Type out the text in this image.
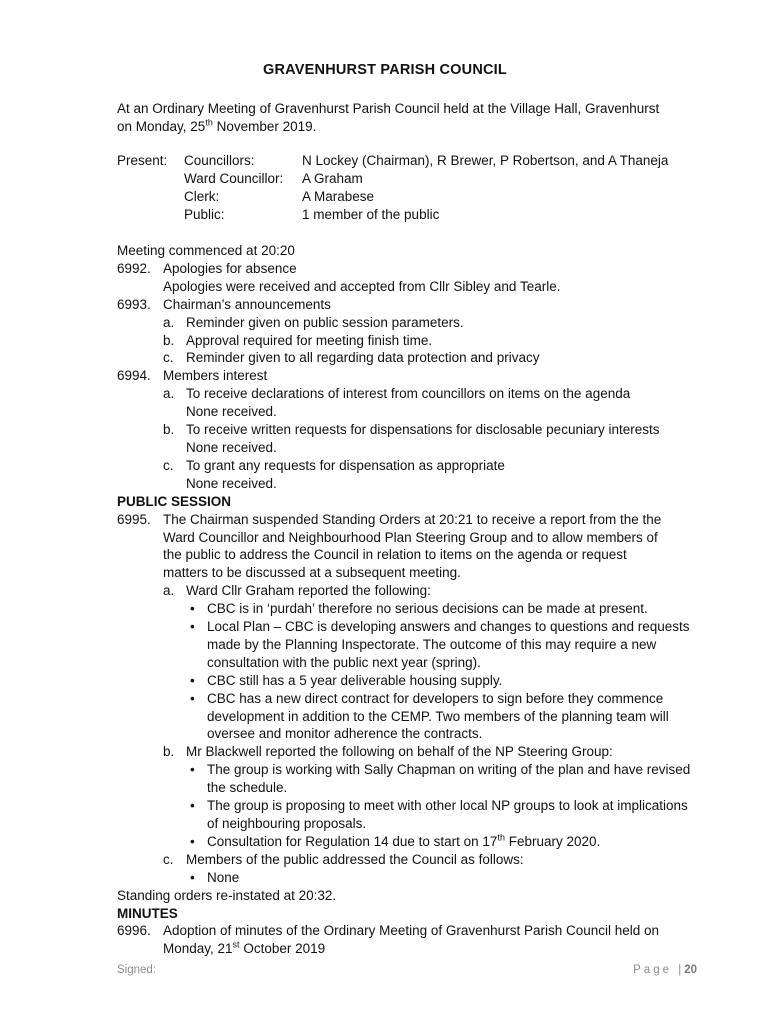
GRAVENHURST PARISH COUNCIL
At an Ordinary Meeting of Gravenhurst Parish Council held at the Village Hall, Gravenhurst
on Monday, 25th November 2019.
Present: Councillors:	N Lockey (Chairman), R Brewer, P Robertson, and A Thaneja
Ward Councillor: A Graham
Clerk:	A Marabese
Public:	1 member of the public
Meeting commenced at 20:20
6992. Apologies for absence
Apologies were received and accepted from Cllr Sibley and Tearle.
6993. Chairman’s announcements
a. Reminder given on public session parameters.
b. Approval required for meeting finish time.
c. Reminder given to all regarding data protection and privacy
6994. Members interest
a. To receive declarations of interest from councillors on items on the agenda
None received.
b. To receive written requests for dispensations for disclosable pecuniary interests
None received.
c. To grant any requests for dispensation as appropriate
None received.
PUBLIC SESSION
6995. The Chairman suspended Standing Orders at 20:21 to receive a report from the the
Ward Councillor and Neighbourhood Plan Steering Group and to allow members of
the public to address the Council in relation to items on the agenda or request
matters to be discussed at a subsequent meeting.
a. Ward Cllr Graham reported the following:
• CBC is in ‘purdah’ therefore no serious decisions can be made at present.
• Local Plan – CBC is developing answers and changes to questions and requests made by the Planning Inspectorate. The outcome of this may require a new consultation with the public next year (spring).
• CBC still has a 5 year deliverable housing supply.
• CBC has a new direct contract for developers to sign before they commence development in addition to the CEMP. Two members of the planning team will oversee and monitor adherence the contracts.
b. Mr Blackwell reported the following on behalf of the NP Steering Group:
• The group is working with Sally Chapman on writing of the plan and have revised the schedule.
• The group is proposing to meet with other local NP groups to look at implications of neighbouring proposals.
• Consultation for Regulation 14 due to start on 17th February 2020.
c. Members of the public addressed the Council as follows:
• None
Standing orders re-instated at 20:32.
MINUTES
6996. Adoption of minutes of the Ordinary Meeting of Gravenhurst Parish Council held on
Monday, 21st October 2019
Signed:	Page |20
